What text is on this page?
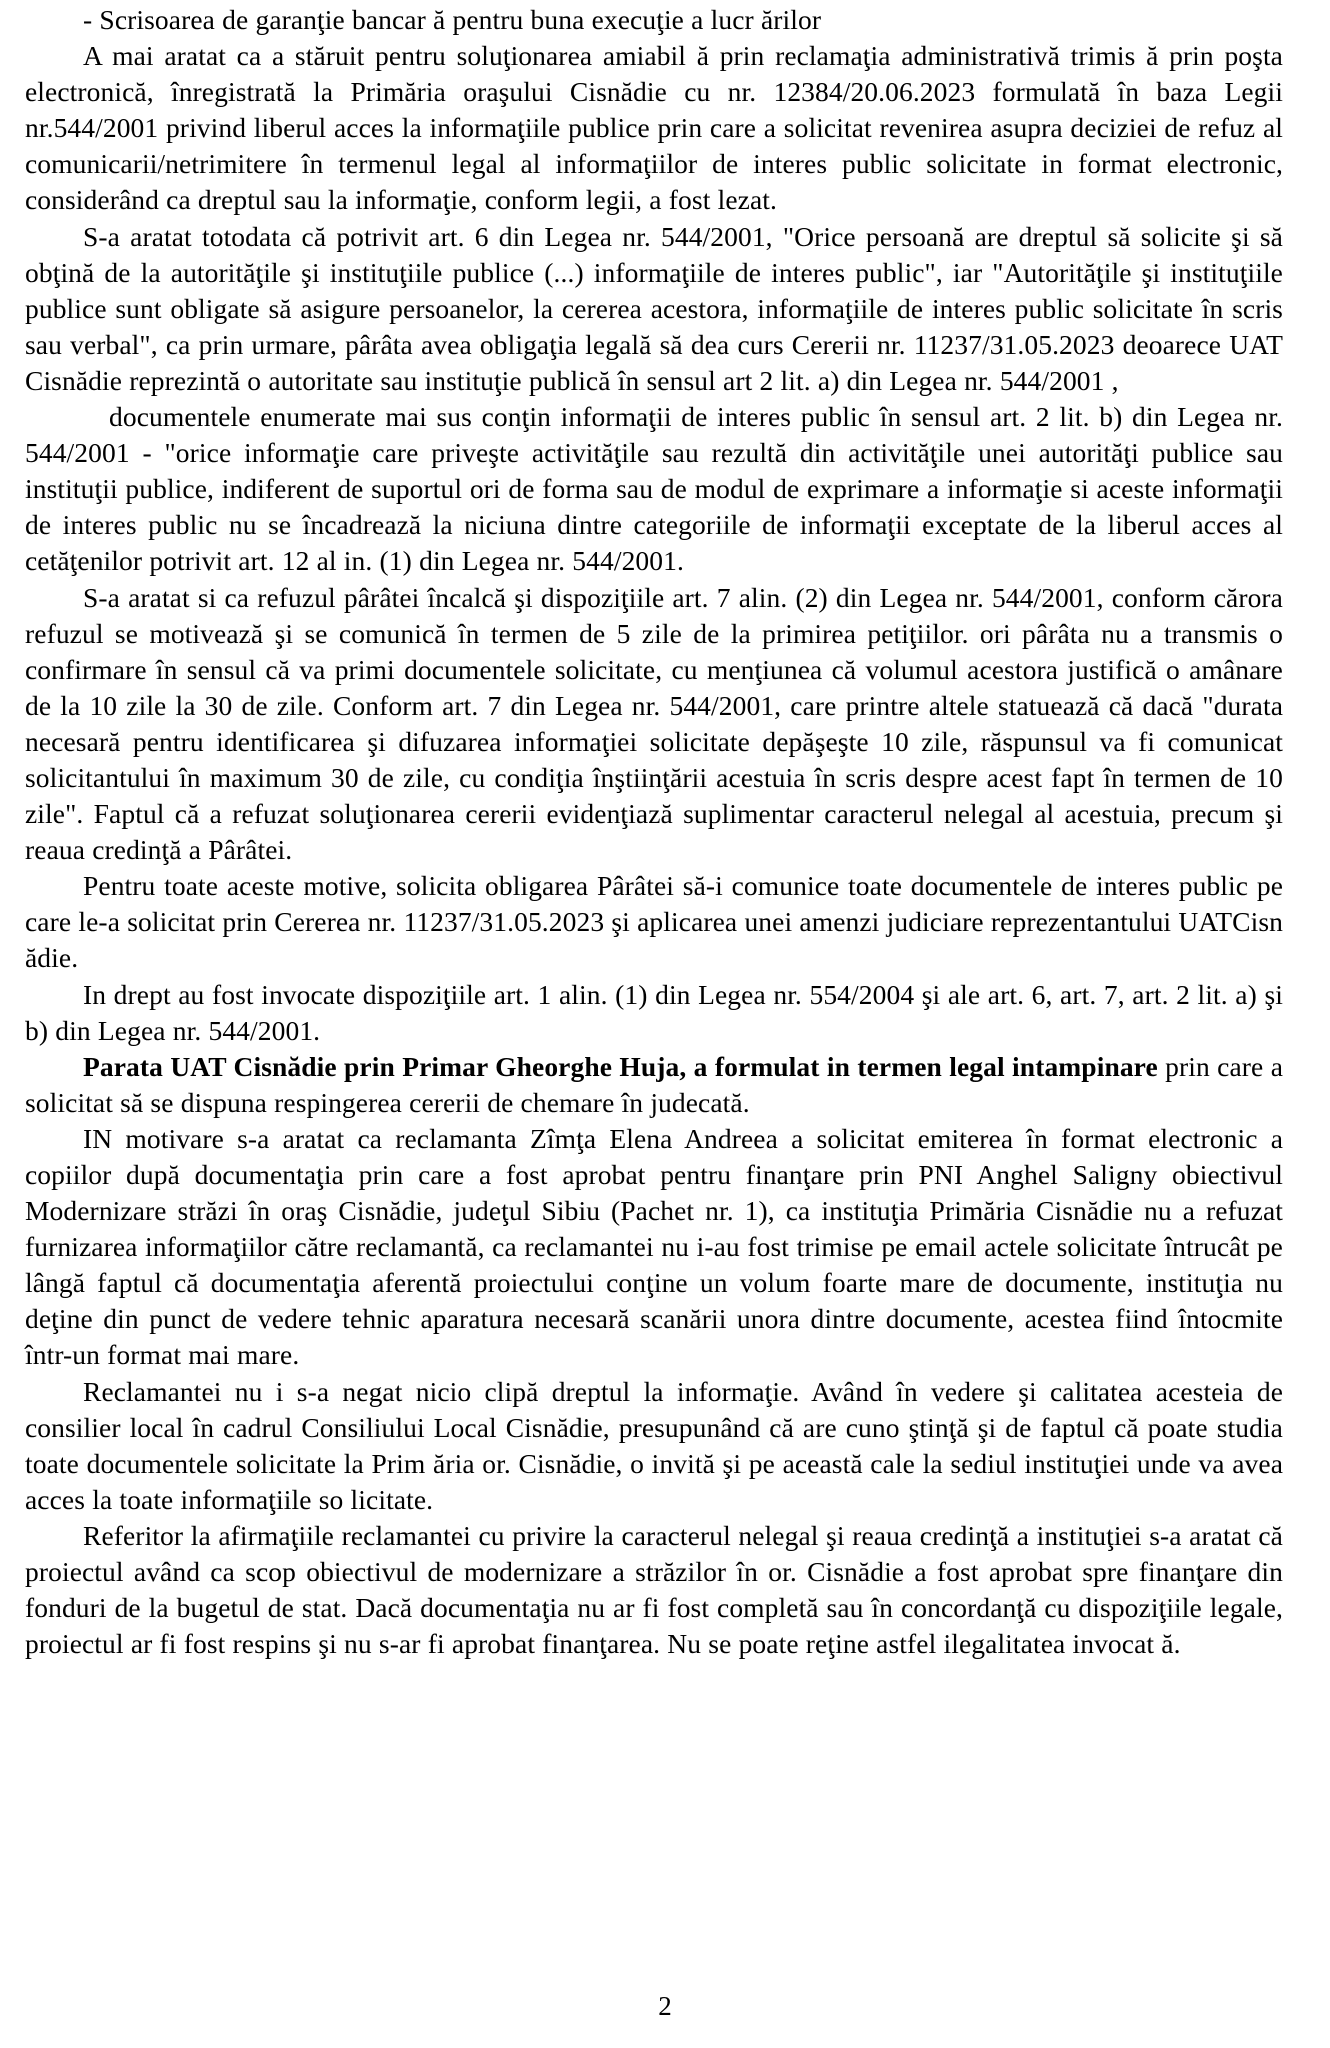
- Scrisoarea de garanţie bancar ă pentru buna execuţie a lucr ărilor

A mai aratat ca a stăruit pentru soluţionarea amiabil ă prin reclamaţia administrativă trimis ă prin poşta electronică, înregistrată la Primăria oraşului Cisnădie cu nr. 12384/20.06.2023 formulată în baza Legii nr.544/2001 privind liberul acces la informaţiile publice prin care a solicitat revenirea asupra deciziei de refuz al comunicarii/netrimitere în termenul legal al informaţiilor de interes public solicitate in format electronic, considerând ca dreptul sau la informaţie, conform legii, a fost lezat.

S-a aratat totodata că potrivit art. 6 din Legea nr. 544/2001, "Orice persoană are dreptul să solicite şi să obţină de la autorităţile şi instituţiile publice (...) informaţiile de interes public", iar "Autorităţile şi instituţiile publice sunt obligate să asigure persoanelor, la cererea acestora, informaţiile de interes public solicitate în scris sau verbal", ca prin urmare, pârâta avea obligaţia legală să dea curs Cererii nr. 11237/31.05.2023 deoarece UAT Cisnădie reprezintă o autoritate sau instituţie publică în sensul art 2 lit. a) din Legea nr. 544/2001 ,

documentele enumerate mai sus conţin informaţii de interes public în sensul art. 2 lit. b) din Legea nr. 544/2001 - "orice informaţie care priveşte activităţile sau rezultă din activităţile unei autorităţi publice sau instituţii publice, indiferent de suportul ori de forma sau de modul de exprimare a informaţie si aceste informaţii de interes public nu se încadrează la niciuna dintre categoriile de informaţii exceptate de la liberul acces al cetăţenilor potrivit art. 12 al in. (1) din Legea nr. 544/2001.

S-a aratat si ca refuzul pârâtei încalcă şi dispoziţiile art. 7 alin. (2) din Legea nr. 544/2001, conform cărora refuzul se motivează şi se comunică în termen de 5 zile de la primirea petiţiilor. ori pârâta nu a transmis o confirmare în sensul că va primi documentele solicitate, cu menţiunea că volumul acestora justifică o amânare de la 10 zile la 30 de zile. Conform art. 7 din Legea nr. 544/2001, care printre altele statuează că dacă "durata necesară pentru identificarea şi difuzarea informaţiei solicitate depăşeşte 10 zile, răspunsul va fi comunicat solicitantului în maximum 30 de zile, cu condiţia înştiinţării acestuia în scris despre acest fapt în termen de 10 zile". Faptul că a refuzat soluţionarea cererii evidenţiază suplimentar caracterul nelegal al acestuia, precum şi reaua credinţă a Pârâtei.

Pentru toate aceste motive, solicita obligarea Pârâtei să-i comunice toate documentele de interes public pe care le-a solicitat prin Cererea nr. 11237/31.05.2023 şi aplicarea unei amenzi judiciare reprezentantului UATCisn ădie.

In drept au fost invocate dispoziţiile art. 1 alin. (1) din Legea nr. 554/2004 şi ale art. 6, art. 7, art. 2 lit. a) şi b) din Legea nr. 544/2001.

Parata UAT Cisnădie prin Primar Gheorghe Huja, a formulat in termen legal intampinare prin care a solicitat să se dispuna respingerea cererii de chemare în judecată.

IN motivare s-a aratat ca reclamanta Zîmţa Elena Andreea a solicitat emiterea în format electronic a copiilor după documentaţia prin care a fost aprobat pentru finanţare prin PNI Anghel Saligny obiectivul Modernizare străzi în oraş Cisnădie, judeţul Sibiu (Pachet nr. 1), ca instituţia Primăria Cisnădie nu a refuzat furnizarea informaţiilor către reclamantă, ca reclamantei nu i-au fost trimise pe email actele solicitate întrucât pe lângă faptul că documentaţia aferentă proiectului conţine un volum foarte mare de documente, instituţia nu deţine din punct de vedere tehnic aparatura necesară scanării unora dintre documente, acestea fiind întocmite într-un format mai mare.

Reclamantei nu i s-a negat nicio clipă dreptul la informaţie. Având în vedere şi calitatea acesteia de consilier local în cadrul Consiliului Local Cisnădie, presupunând că are cuno ştinţă şi de faptul că poate studia toate documentele solicitate la Prim ăria or. Cisnădie, o invită şi pe această cale la sediul instituţiei unde va avea acces la toate informaţiile so licitate.

Referitor la afirmaţiile reclamantei cu privire la caracterul nelegal şi reaua credinţă a instituţiei s-a aratat că proiectul având ca scop obiectivul de modernizare a străzilor în or. Cisnădie a fost aprobat spre finanţare din fonduri de la bugetul de stat. Dacă documentaţia nu ar fi fost completă sau în concordanţă cu dispoziţiile legale, proiectul ar fi fost respins şi nu s-ar fi aprobat finanţarea. Nu se poate reţine astfel ilegalitatea invocat ă.

2
